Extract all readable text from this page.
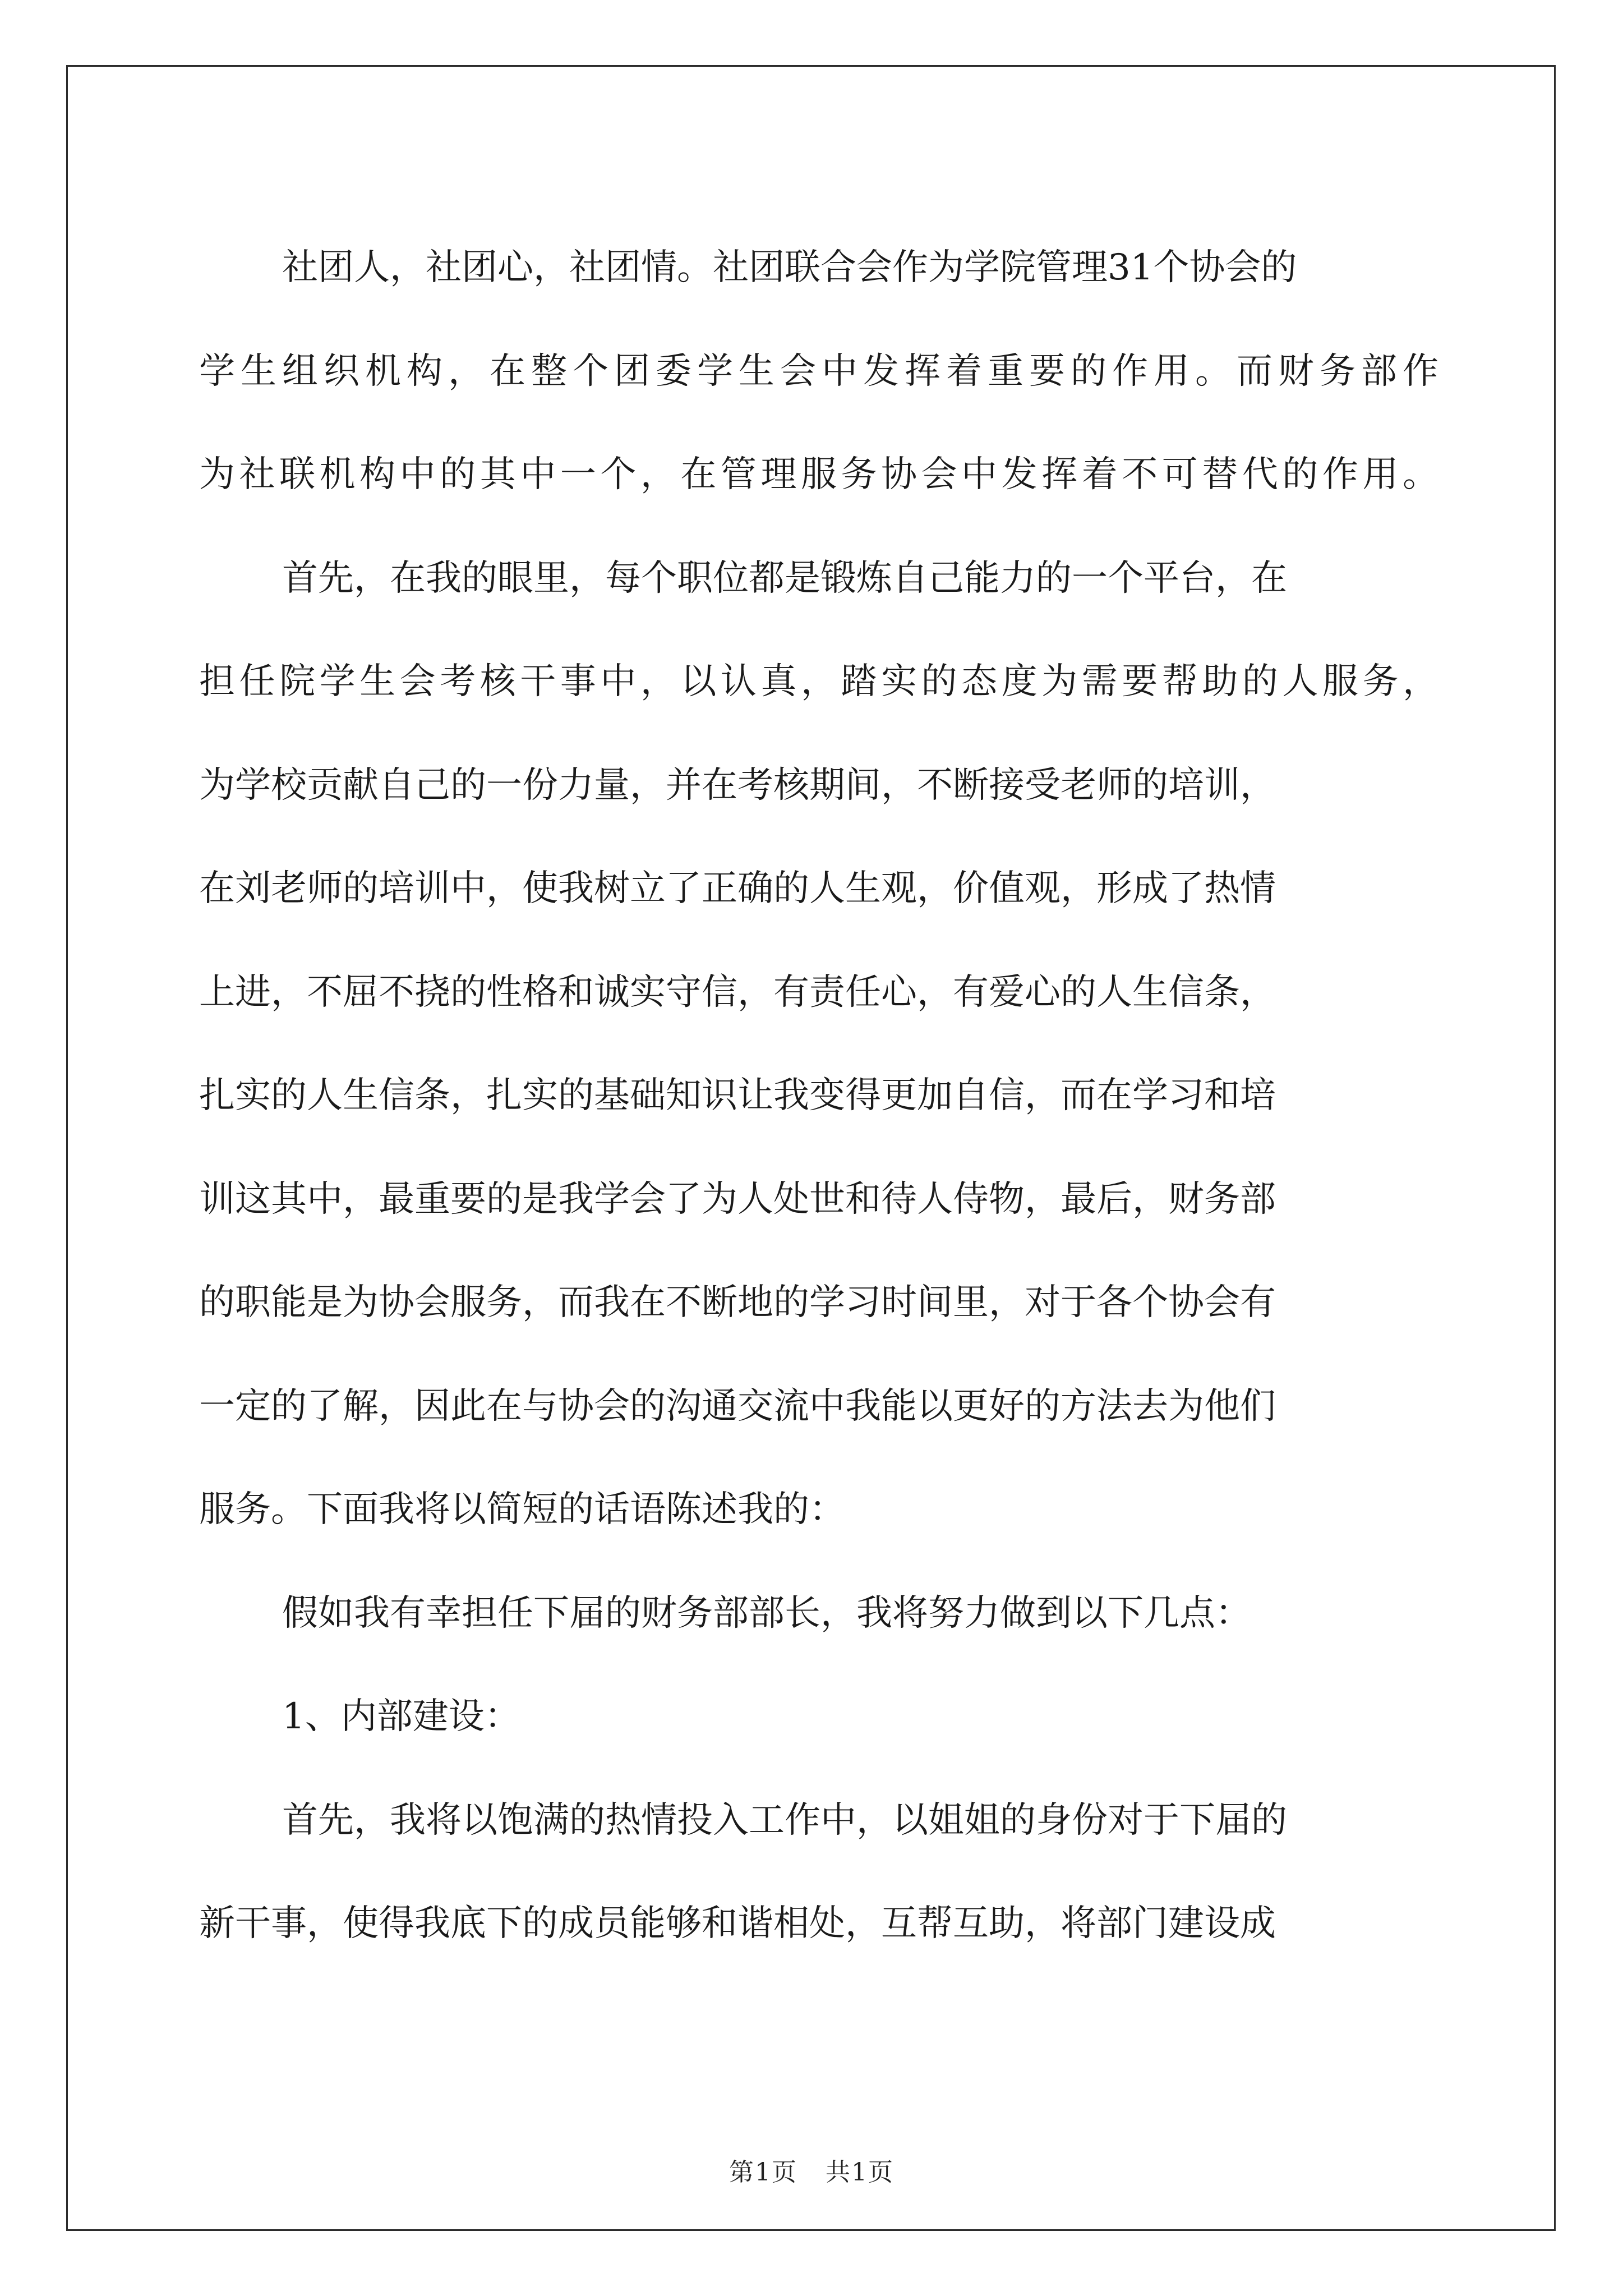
社团人，社团心，社团情。社团联合会作为学院管理31个协会的
学生组织机构，在整个团委学生会中发挥着重要的作用。而财务部作
为社联机构中的其中一个，在管理服务协会中发挥着不可替代的作用。
首先，在我的眼里，每个职位都是锻炼自己能力的一个平台，在
担任院学生会考核干事中，以认真，踏实的态度为需要帮助的人服务，
为学校贡献自己的一份力量，并在考核期间，不断接受老师的培训，
在刘老师的培训中，使我树立了正确的人生观，价值观，形成了热情
上进，不屈不挠的性格和诚实守信，有责任心，有爱心的人生信条，
扎实的人生信条，扎实的基础知识让我变得更加自信，而在学习和培
训这其中，最重要的是我学会了为人处世和待人侍物，最后，财务部
的职能是为协会服务，而我在不断地的学习时间里，对于各个协会有
一定的了解，因此在与协会的沟通交流中我能以更好的方法去为他们
服务。下面我将以简短的话语陈述我的：
假如我有幸担任下届的财务部部长，我将努力做到以下几点：
1、内部建设：
首先，我将以饱满的热情投入工作中，以姐姐的身份对于下届的
新干事，使得我底下的成员能够和谐相处，互帮互助，将部门建设成
第1页 共1页
